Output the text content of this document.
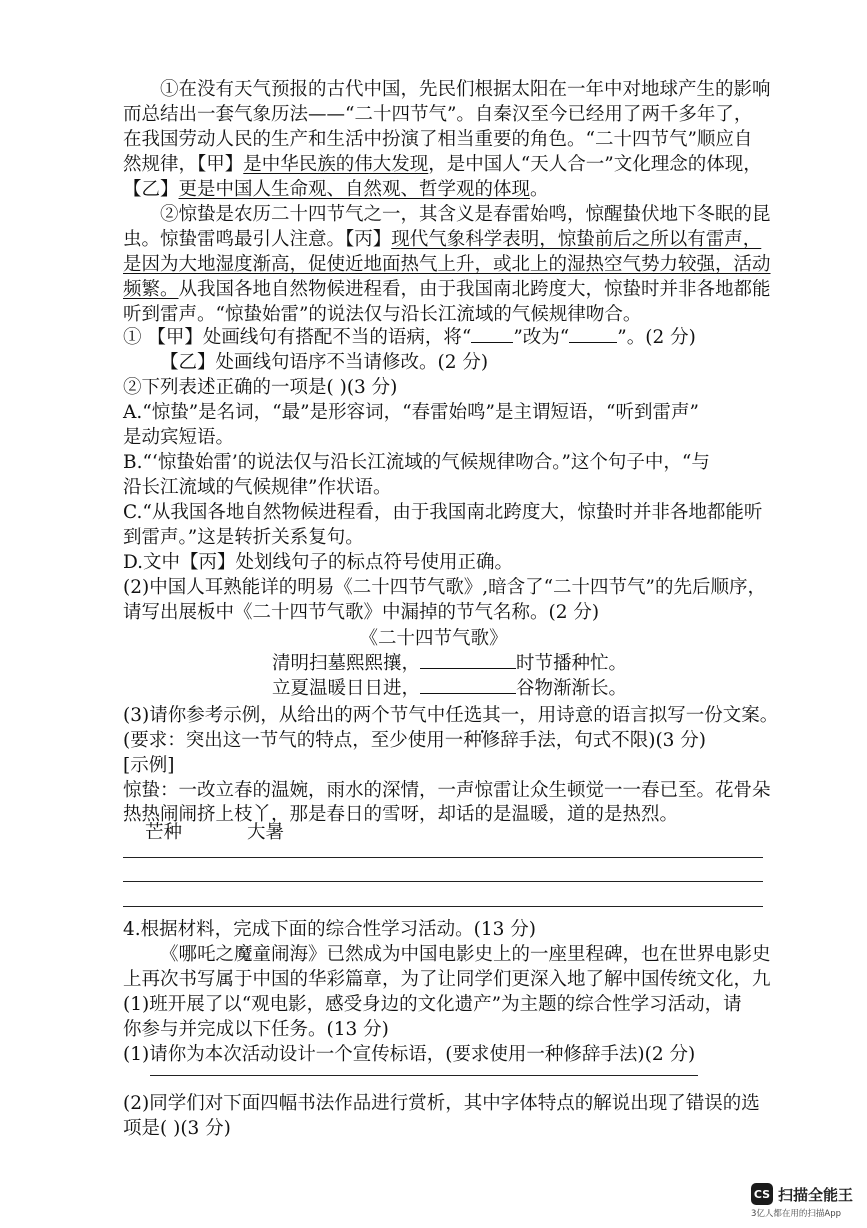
①在没有天气预报的古代中国，先民们根据太阳在一年中对地球产生的影响
而总结出一套气象历法——“二十四节气”。自秦汉至今已经用了两千多年了，
在我国劳动人民的生产和生活中扮演了相当重要的角色。“二十四节气”顺应自
然规律，【甲】是中华民族的伟大发现，是中国人“天人合一”文化理念的体现，
【乙】更是中国人生命观、自然观、哲学观的体现。
②惊蛰是农历二十四节气之一，其含义是春雷始鸣，惊醒蛰伏地下冬眠的昆
虫。惊蛰雷鸣最引人注意。【丙】现代气象科学表明，惊蛰前后之所以有雷声，
是因为大地湿度渐高，促使近地面热气上升，或北上的湿热空气势力较强，活动
频繁。从我国各地自然物候进程看，由于我国南北跨度大，惊蛰时并非各地都能
听到雷声。“惊蛰始雷”的说法仅与沿长江流域的气候规律吻合。
① 【甲】处画线句有搭配不当的语病，将“ ”改为“	”。(2 分)
【乙】处画线句语序不当请修改。(2 分)
②下列表述正确的一项是( )(3 分)
A.“惊蛰”是名词，“最”是形容词，“春雷始鸣”是主谓短语，“听到雷声”
是动宾短语。
B.“‘惊蛰始雷’的说法仅与沿长江流域的气候规律吻合。”这个句子中，“与
沿长江流域的气候规律”作状语。
C.“从我国各地自然物候进程看，由于我国南北跨度大，惊蛰时并非各地都能听
到雷声。”这是转折关系复句。
D.文中【丙】处划线句子的标点符号使用正确。
(2)中国人耳熟能详的明易《二十四节气歌》,暗含了“二十四节气”的先后顺序，
请写出展板中《二十四节气歌》中漏掉的节气名称。(2 分)
《二十四节气歌》
清明扫墓熙熙攘，	时节播种忙。
立夏温暖日日进，	谷物渐渐长。
(3)请你参考示例，从给出的两个节气中任选其一，用诗意的语言拟写一份文案。
(要求：突出这一节气的特点，至少使用一种修辞手法，句式不限)(3 分)
[示例]
惊蛰：一改立春的温婉，雨水的深情，一声惊雷让众生顿觉一一春已至。花骨朵
热热闹闹挤上枝丫，那是春日的雪呀，却话的是温暖，道的是热烈。
芒种	大暑
4.根据材料，完成下面的综合性学习活动。(13 分)
《哪吒之魔童闹海》已然成为中国电影史上的一座里程碑，也在世界电影史
上再次书写属于中国的华彩篇章，为了让同学们更深入地了解中国传统文化，九
(1)班开展了以“观电影，感受身边的文化遗产”为主题的综合性学习活动，请
你参与并完成以下任务。(13 分)
(1)请你为本次活动设计一个宣传标语，(要求使用一种修辞手法)(2 分)
(2)同学们对下面四幅书法作品进行赏析，其中字体特点的解说出现了错误的选
项是( )(3 分)
CS 扫描全能王
3亿人都在用的扫描App
